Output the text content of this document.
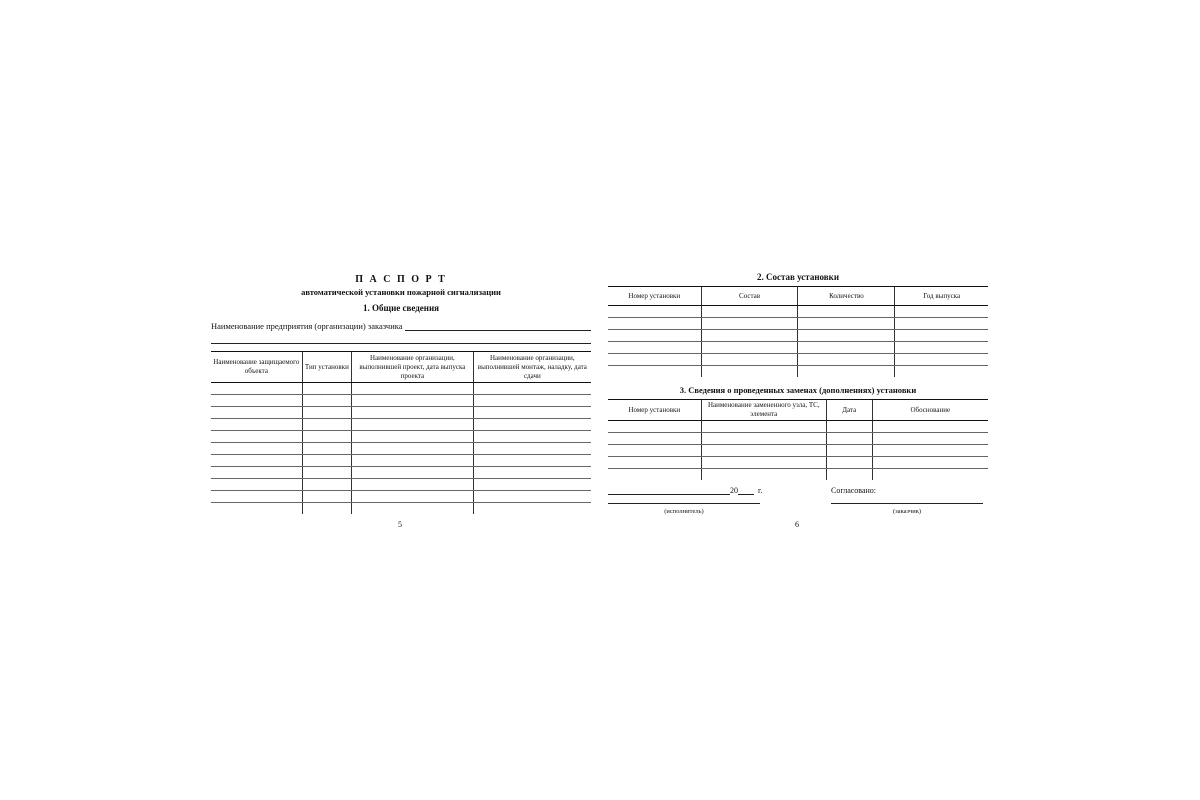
П А С П О Р Т
автоматической установки пожарной сигнализации
1. Общие сведения
Наименование предприятия (организации) заказчика
Наименование защищаемого объекта	Тип установки	Наименование организации, выполнившей проект, дата выпуска проекта	Наименование организации, выполнившей монтаж, наладку, дата сдачи

5
2. Состав установки
Номер установки	Состав	Количество	Год выпуска

3. Сведения о проведенных заменах (дополнениях) установки
Номер установки	Наименование замененного узла, ТС, элемента	Дата	Обоснование

20	г.	Согласовано:
(исполнитель)	(заказчик)
6
